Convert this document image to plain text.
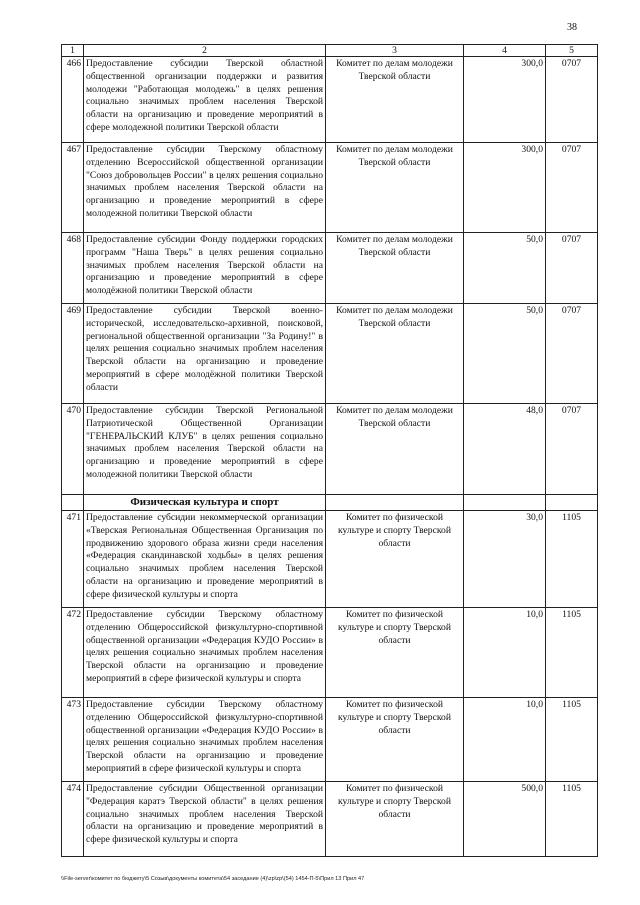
38
1	2	3	4	5
466	Предоставление субсидии Тверской областной общественной организации поддержки и развития молодежи "Работающая молодежь" в целях решения социально значимых проблем населения Тверской области на организацию и проведение мероприятий в сфере молодежной политики Тверской области	Комитет по делам молодежи Тверской области	300,0	0707
467	Предоставление субсидии Тверскому областному отделению Всероссийской общественной организации "Союз добровольцев России" в целях решения социально значимых проблем населения Тверской области на организацию и проведение мероприятий в сфере молодежной политики Тверской области	Комитет по делам молодежи Тверской области	300,0	0707
468	Предоставление субсидии Фонду поддержки городских программ "Наша Тверь" в целях решения социально значимых проблем населения Тверской области на организацию и проведение мероприятий в сфере молодёжной политики Тверской области	Комитет по делам молодежи Тверской области	50,0	0707
469	Предоставление субсидии Тверской военно-исторической, исследовательско-архивной, поисковой, региональной общественной организации "За Родину!" в целях решения социально значимых проблем населения Тверской области на организацию и проведение мероприятий в сфере молодёжной политики Тверской области	Комитет по делам молодежи Тверской области	50,0	0707
470	Предоставление субсидии Тверской Региональной Патриотической Общественной Организации "ГЕНЕРАЛЬСКИЙ КЛУБ" в целях решения социально значимых проблем населения Тверской области на организацию и проведение мероприятий в сфере молодежной политики Тверской области	Комитет по делам молодежи Тверской области	48,0	0707
	Физическая культура и спорт			
471	Предоставление субсидии некоммерческой организации «Тверская Региональная Общественная Организация по продвижению здорового образа жизни среди населения «Федерация скандинавской ходьбы» в целях решения социально значимых проблем населения Тверской области на организацию и проведение мероприятий в сфере физической культуры и спорта	Комитет по физической культуре и спорту Тверской области	30,0	1105
472	Предоставление субсидии Тверскому областному отделению Общероссийской физкультурно-спортивной общественной организации «Федерация КУДО России» в целях решения социально значимых проблем населения Тверской области на организацию и проведение мероприятий в сфере физической культуры и спорта	Комитет по физической культуре и спорту Тверской области	10,0	1105
473	Предоставление субсидии Тверскому областному отделению Общероссийской физкультурно-спортивной общественной организации «Федерация КУДО России» в целях решения социально значимых проблем населения Тверской области на организацию и проведение мероприятий в сфере физической культуры и спорта	Комитет по физической культуре и спорту Тверской области	10,0	1105
474	Предоставление субсидии Общественной организации "Федерация каратэ Тверской области" в целях решения социально значимых проблем населения Тверской области на организацию и проведение мероприятий в сфере физической культуры и спорта	Комитет по физической культуре и спорту Тверской области	500,0	1105
\\File-server\комитет по бюджету\5 Созыв\документы комитета\54 заседание (4)\zp\zp\(54) 1454-П-5\Прил 13 Прил 47
